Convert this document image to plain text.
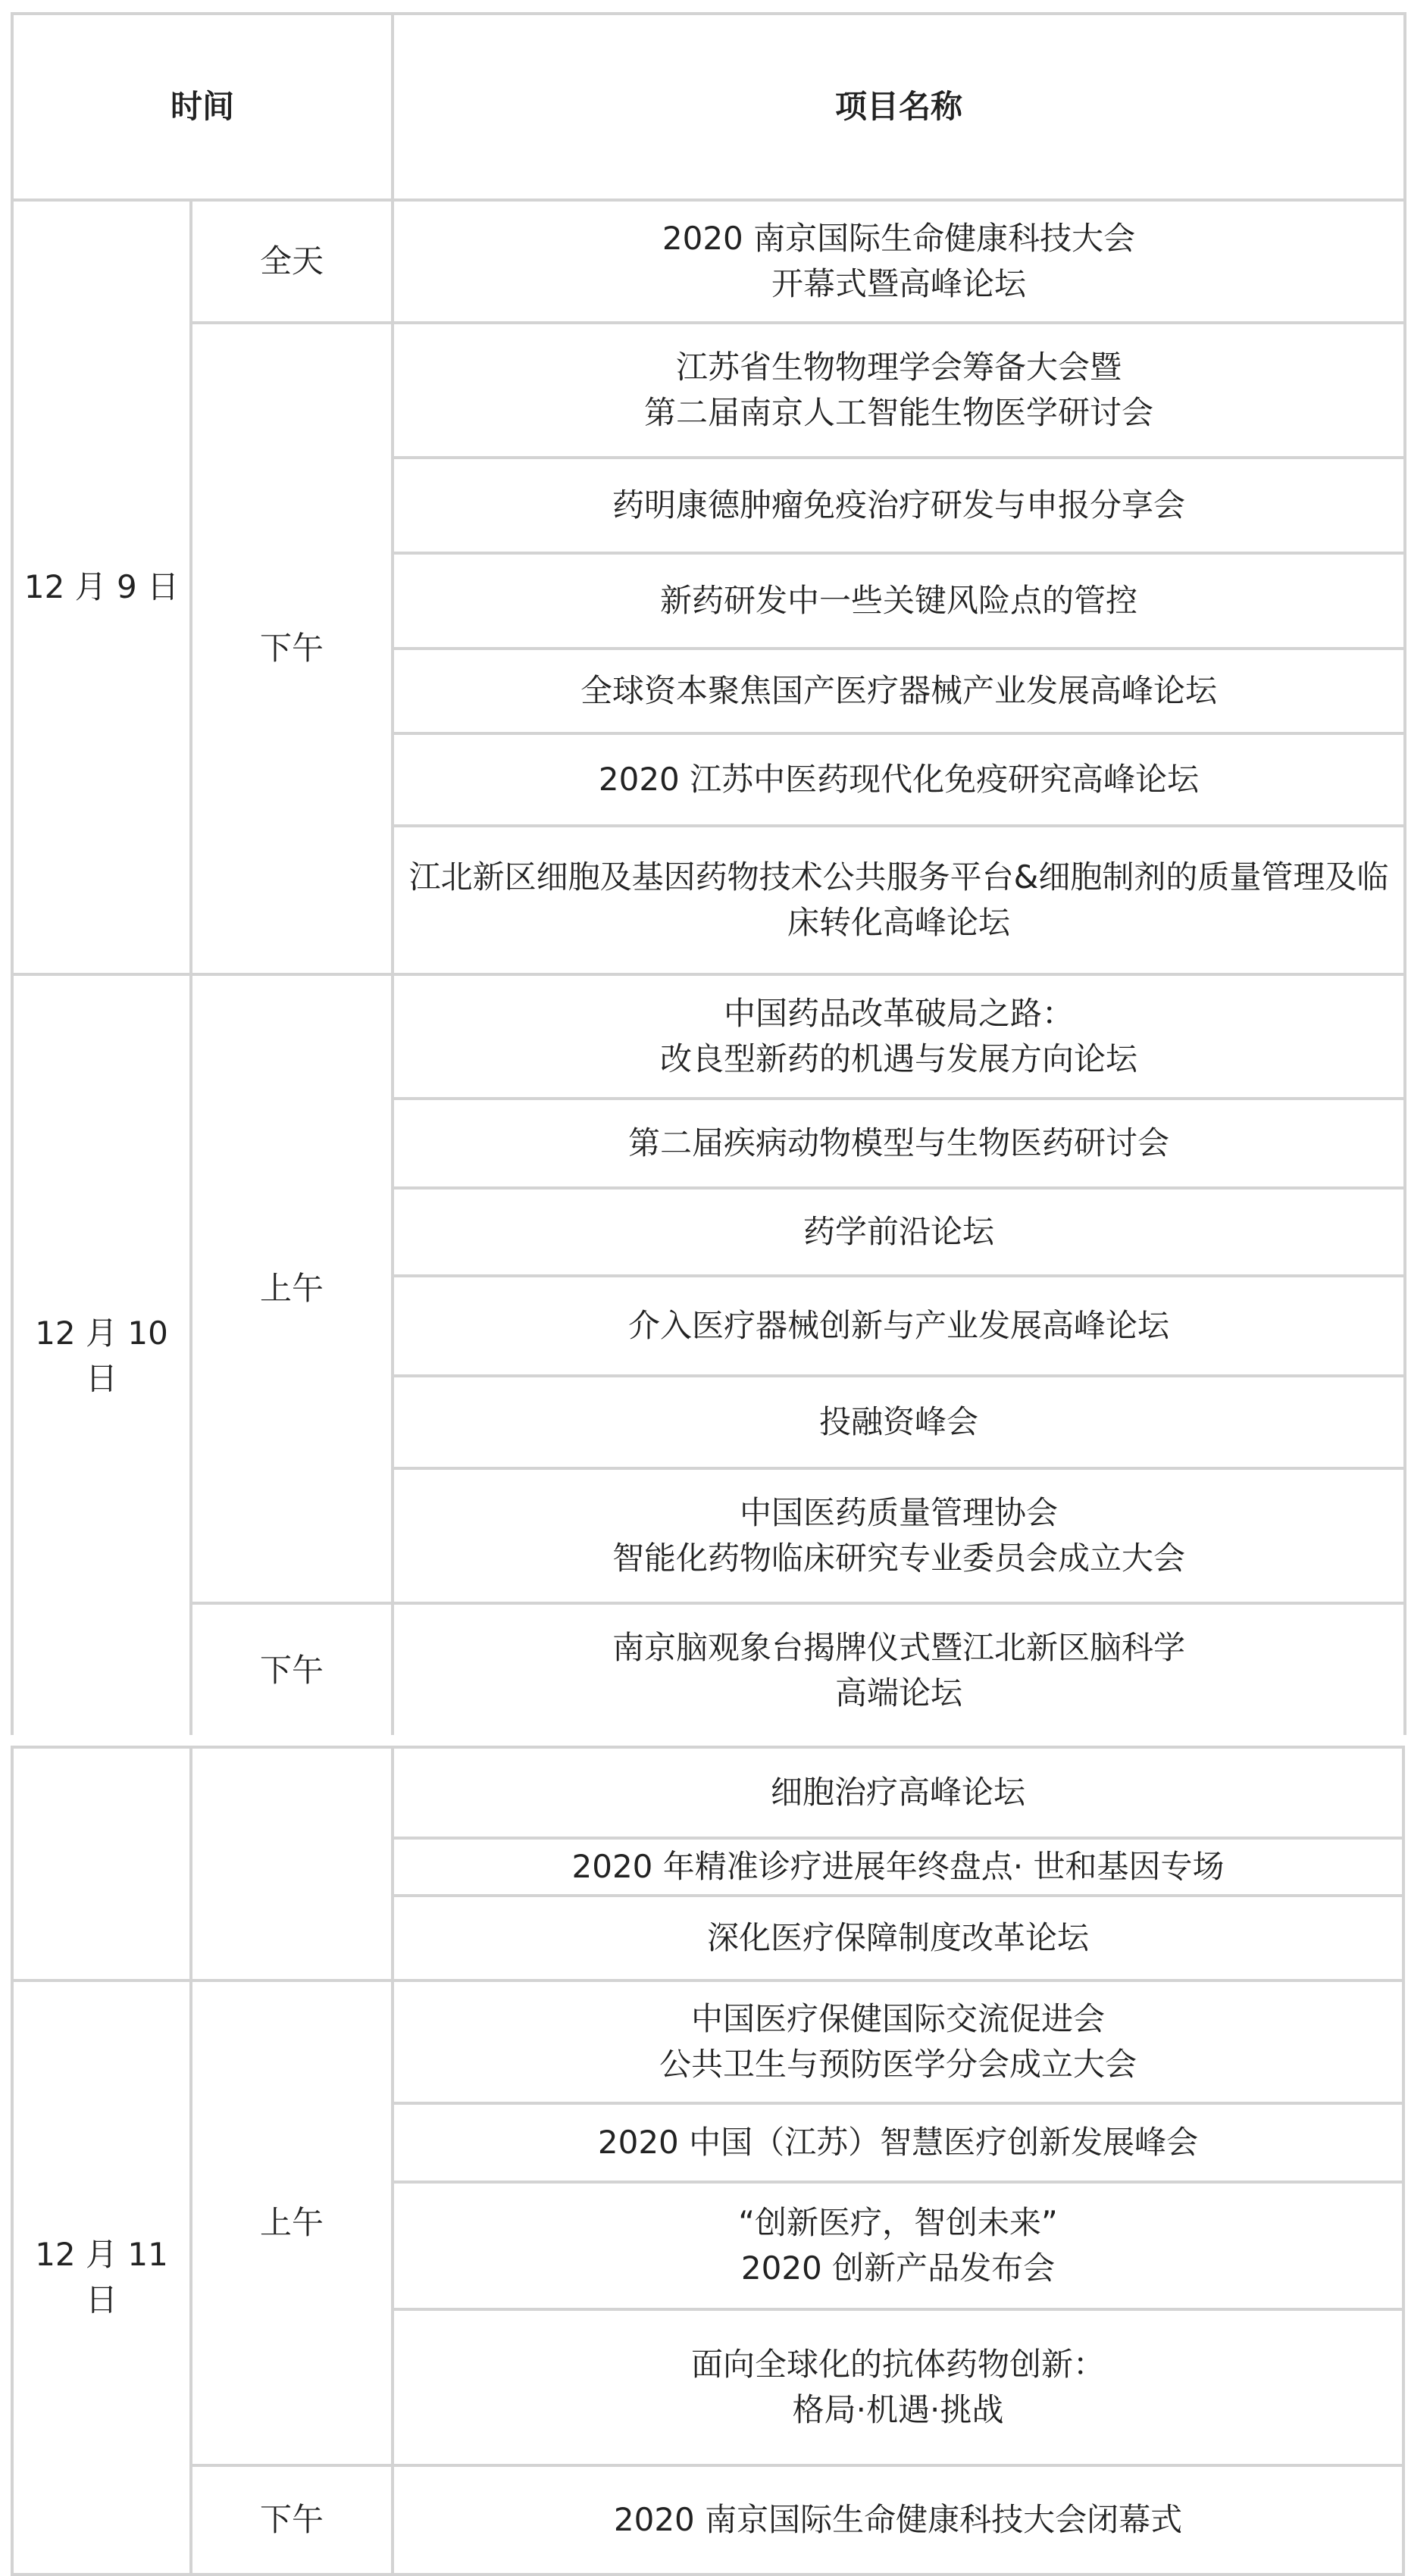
时间		项目名称
12 月 9 日	全天	2020 南京国际生命健康科技大会
开幕式暨高峰论坛
	下午	江苏省生物物理学会筹备大会暨
第二届南京人工智能生物医学研讨会
		药明康德肿瘤免疫治疗研发与申报分享会
		新药研发中一些关键风险点的管控
		全球资本聚焦国产医疗器械产业发展高峰论坛
		2020 江苏中医药现代化免疫研究高峰论坛
		江北新区细胞及基因药物技术公共服务平台&细胞制剂的质量管理及临床转化高峰论坛
12 月 10 日	上午	中国药品改革破局之路：
改良型新药的机遇与发展方向论坛
		第二届疾病动物模型与生物医药研讨会
		药学前沿论坛
		介入医疗器械创新与产业发展高峰论坛
		投融资峰会
		中国医药质量管理协会
智能化药物临床研究专业委员会成立大会
	下午	南京脑观象台揭牌仪式暨江北新区脑科学
高端论坛
		细胞治疗高峰论坛
		2020 年精准诊疗进展年终盘点· 世和基因专场
		深化医疗保障制度改革论坛
12 月 11 日	上午	中国医疗保健国际交流促进会
公共卫生与预防医学分会成立大会
		2020 中国（江苏）智慧医疗创新发展峰会
		“创新医疗，智创未来”
2020 创新产品发布会
		面向全球化的抗体药物创新：
格局·机遇·挑战
	下午	2020 南京国际生命健康科技大会闭幕式
